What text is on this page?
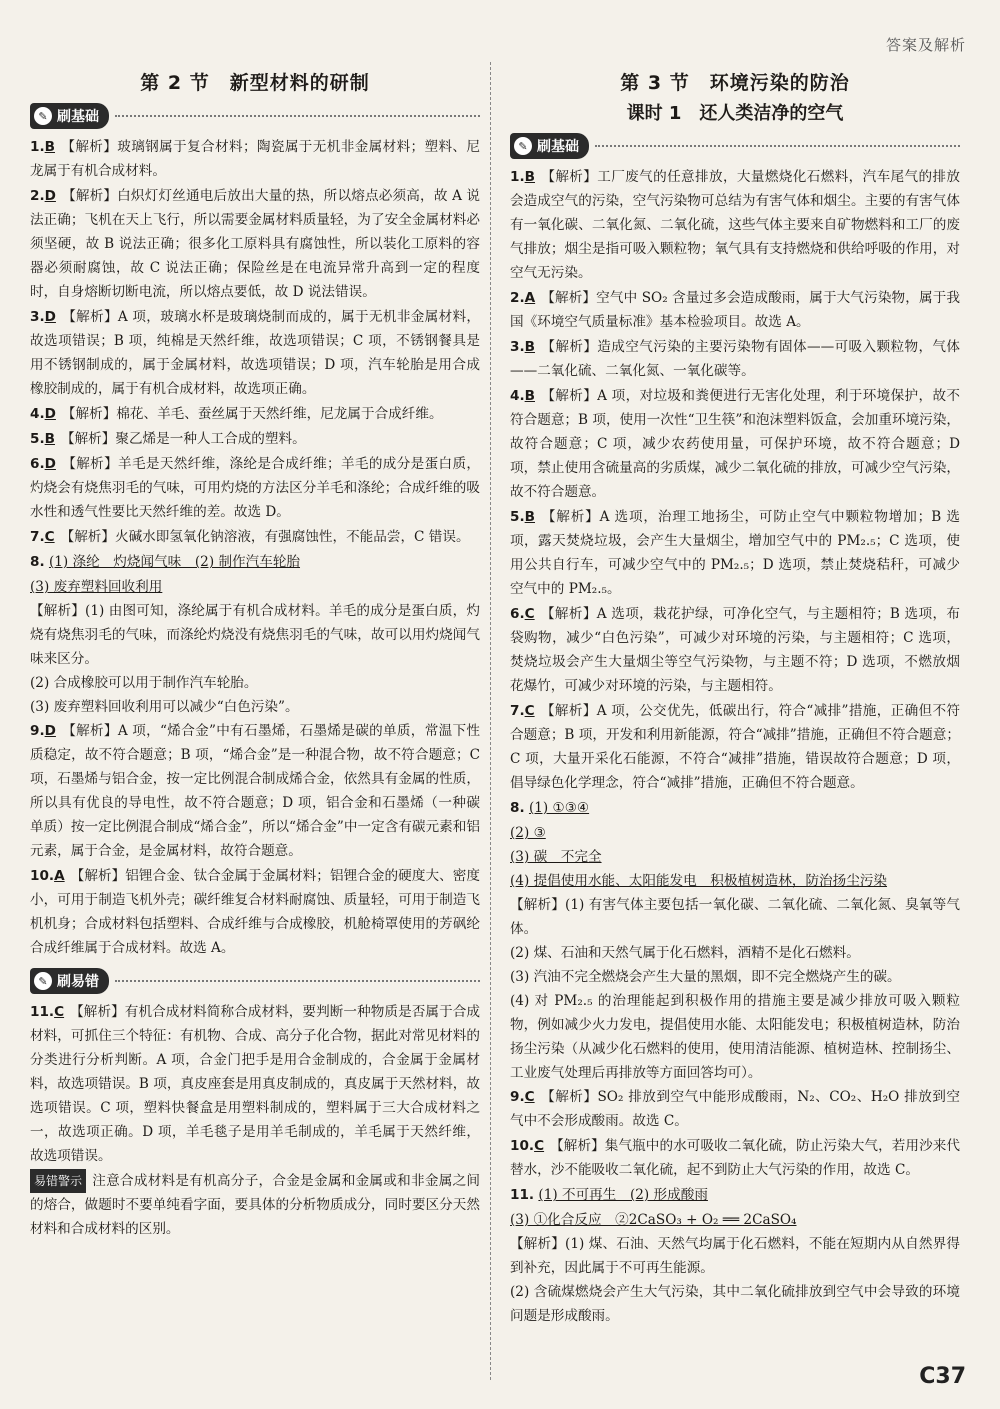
答案及解析
第 2 节　新型材料的研制
✎ 刷基础
1.B 【解析】玻璃钢属于复合材料；陶瓷属于无机非金属材料；塑料、尼龙属于有机合成材料。
2.D 【解析】白炽灯灯丝通电后放出大量的热，所以熔点必须高，故 A 说法正确；飞机在天上飞行，所以需要金属材料质量轻，为了安全金属材料必须坚硬，故 B 说法正确；很多化工原料具有腐蚀性，所以装化工原料的容器必须耐腐蚀，故 C 说法正确；保险丝是在电流异常升高到一定的程度时，自身熔断切断电流，所以熔点要低，故 D 说法错误。
3.D 【解析】A 项，玻璃水杯是玻璃烧制而成的，属于无机非金属材料，故选项错误；B 项，纯棉是天然纤维，故选项错误；C 项，不锈钢餐具是用不锈钢制成的，属于金属材料，故选项错误；D 项，汽车轮胎是用合成橡胶制成的，属于有机合成材料，故选项正确。
4.D 【解析】棉花、羊毛、蚕丝属于天然纤维，尼龙属于合成纤维。
5.B 【解析】聚乙烯是一种人工合成的塑料。
6.D 【解析】羊毛是天然纤维，涤纶是合成纤维；羊毛的成分是蛋白质，灼烧会有烧焦羽毛的气味，可用灼烧的方法区分羊毛和涤纶；合成纤维的吸水性和透气性要比天然纤维的差。故选 D。
7.C 【解析】火碱水即氢氧化钠溶液，有强腐蚀性，不能品尝，C 错误。
8. (1) 涤纶　灼烧闻气味　(2) 制作汽车轮胎
(3) 废弃塑料回收利用
【解析】(1) 由图可知，涤纶属于有机合成材料。羊毛的成分是蛋白质，灼烧有烧焦羽毛的气味，而涤纶灼烧没有烧焦羽毛的气味，故可以用灼烧闻气味来区分。
(2) 合成橡胶可以用于制作汽车轮胎。
(3) 废弃塑料回收利用可以减少“白色污染”。
9.D 【解析】A 项，“烯合金”中有石墨烯，石墨烯是碳的单质，常温下性质稳定，故不符合题意；B 项，“烯合金”是一种混合物，故不符合题意；C 项，石墨烯与铝合金，按一定比例混合制成烯合金，依然具有金属的性质，所以具有优良的导电性，故不符合题意；D 项，铝合金和石墨烯（一种碳单质）按一定比例混合制成“烯合金”，所以“烯合金”中一定含有碳元素和铝元素，属于合金，是金属材料，故符合题意。
10.A 【解析】铝锂合金、钛合金属于金属材料；铝锂合金的硬度大、密度小，可用于制造飞机外壳；碳纤维复合材料耐腐蚀、质量轻，可用于制造飞机机身；合成材料包括塑料、合成纤维与合成橡胶，机舱椅罩使用的芳砜纶合成纤维属于合成材料。故选 A。
✎ 刷易错
11.C 【解析】有机合成材料简称合成材料，要判断一种物质是否属于合成材料，可抓住三个特征：有机物、合成、高分子化合物，据此对常见材料的分类进行分析判断。A 项，合金门把手是用合金制成的，合金属于金属材料，故选项错误。B 项，真皮座套是用真皮制成的，真皮属于天然材料，故选项错误。C 项，塑料快餐盒是用塑料制成的，塑料属于三大合成材料之一，故选项正确。D 项，羊毛毯子是用羊毛制成的，羊毛属于天然纤维，故选项错误。
易错警示 注意合成材料是有机高分子，合金是金属和金属或和非金属之间的熔合，做题时不要单纯看字面，要具体的分析物质成分，同时要区分天然材料和合成材料的区别。
第 3 节　环境污染的防治
课时 1　还人类洁净的空气
✎ 刷基础
1.B 【解析】工厂废气的任意排放，大量燃烧化石燃料，汽车尾气的排放会造成空气的污染，空气污染物可总结为有害气体和烟尘。主要的有害气体有一氧化碳、二氧化氮、二氧化硫，这些气体主要来自矿物燃料和工厂的废气排放；烟尘是指可吸入颗粒物；氧气具有支持燃烧和供给呼吸的作用，对空气无污染。
2.A 【解析】空气中 SO₂ 含量过多会造成酸雨，属于大气污染物，属于我国《环境空气质量标准》基本检验项目。故选 A。
3.B 【解析】造成空气污染的主要污染物有固体——可吸入颗粒物，气体——二氧化硫、二氧化氮、一氧化碳等。
4.B 【解析】A 项，对垃圾和粪便进行无害化处理，利于环境保护，故不符合题意；B 项，使用一次性“卫生筷”和泡沫塑料饭盒，会加重环境污染，故符合题意；C 项，减少农药使用量，可保护环境，故不符合题意；D 项，禁止使用含硫量高的劣质煤，减少二氧化硫的排放，可减少空气污染，故不符合题意。
5.B 【解析】A 选项，治理工地扬尘，可防止空气中颗粒物增加；B 选项，露天焚烧垃圾，会产生大量烟尘，增加空气中的 PM₂.₅；C 选项，使用公共自行车，可减少空气中的 PM₂.₅；D 选项，禁止焚烧秸秆，可减少空气中的 PM₂.₅。
6.C 【解析】A 选项，栽花护绿，可净化空气，与主题相符；B 选项，布袋购物，减少“白色污染”，可减少对环境的污染，与主题相符；C 选项，焚烧垃圾会产生大量烟尘等空气污染物，与主题不符；D 选项，不燃放烟花爆竹，可减少对环境的污染，与主题相符。
7.C 【解析】A 项，公交优先，低碳出行，符合“减排”措施，正确但不符合题意；B 项，开发和利用新能源，符合“减排”措施，正确但不符合题意；C 项，大量开采化石能源，不符合“减排”措施，错误故符合题意；D 项，倡导绿色化学理念，符合“减排”措施，正确但不符合题意。
8. (1) ①③④
(2) ③
(3) 碳　不完全
(4) 提倡使用水能、太阳能发电　积极植树造林，防治扬尘污染
【解析】(1) 有害气体主要包括一氧化碳、二氧化硫、二氧化氮、臭氧等气体。
(2) 煤、石油和天然气属于化石燃料，酒精不是化石燃料。
(3) 汽油不完全燃烧会产生大量的黑烟，即不完全燃烧产生的碳。
(4) 对 PM₂.₅ 的治理能起到积极作用的措施主要是减少排放可吸入颗粒物，例如减少火力发电，提倡使用水能、太阳能发电；积极植树造林，防治扬尘污染（从减少化石燃料的使用，使用清洁能源、植树造林、控制扬尘、工业废气处理后再排放等方面回答均可）。
9.C 【解析】SO₂ 排放到空气中能形成酸雨，N₂、CO₂、H₂O 排放到空气中不会形成酸雨。故选 C。
10.C 【解析】集气瓶中的水可吸收二氧化硫，防止污染大气，若用沙来代替水，沙不能吸收二氧化硫，起不到防止大气污染的作用，故选 C。
11. (1) 不可再生　(2) 形成酸雨
(3) ①化合反应　②2CaSO₃ + O₂ ══ 2CaSO₄
【解析】(1) 煤、石油、天然气均属于化石燃料，不能在短期内从自然界得到补充，因此属于不可再生能源。
(2) 含硫煤燃烧会产生大气污染，其中二氧化硫排放到空气中会导致的环境问题是形成酸雨。
C37
